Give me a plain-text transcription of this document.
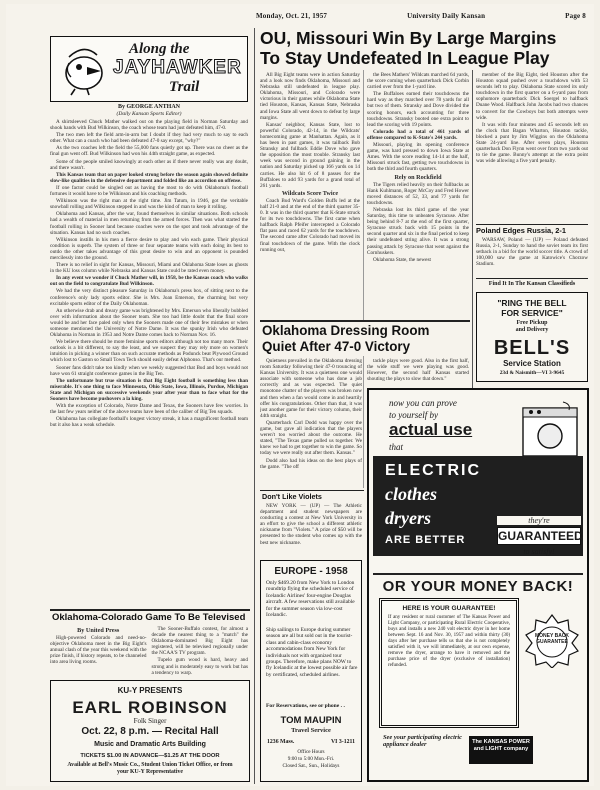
Monday, Oct. 21, 1957	University Daily Kansan	Page 8
Along the
JAYHAWKER
Trail
By GEORGE ANTHAN
(Daily Kansan Sports Editor)

A shirtsleeved Chuck Mather walked out on the playing field in Norman Saturday and shook hands with Bud Wilkinson, the coach whose team had just defeated him, 47-0.

The two men left the field arm-in-arm but I doubt if they had very much to say to each other. What can a coach who had been defeated 47-0 say except, "why?"

As the two coaches left the field the 55,000 fans quietly got up. There was no cheer as the final gun went off. Bud Wilkinson had won his 44th straight game, as expected.

Some of the people smiled knowingly at each other as if there never really was any doubt, and there wasn't.

This Kansas team that on paper looked strong before the season again showed definite slow-like qualities in the defensive department and folded like an accordion on offense.

If one factor could be singled out as having the most to do with Oklahoma's football fortunes it would have to be Wilkinson and his coaching methods.

Wilkinson was the right man at the right time. Jim Tatum, in 1946, got the veritable snowball rolling and Wilkinson stepped in and was the kind of man to keep it rolling.

Oklahoma and Kansas, after the war, found themselves in similar situations. Both schools had a wealth of material in men returning from the armed forces. Then was what started the football rolling in Sooner land because coaches were on the spot and took advantage of the situation. Kansas had no such coaches.

Wilkinson instills in his men a fierce desire to play and win each game. Their physical condition is superb. The system of three or four separate teams with each doing its best to outdo the other takes advantage of this great desire to win and an opponent is pounded mercilessly into the ground.

There is no relief in sight for Kansas, Missouri, Miami and Oklahoma State loses as ghosts in the KU loss column while Nebraska and Kansas State could be rated even money.

In any event we wonder if Chuck Mather will, in 1958, be the Kansas coach who walks out on the field to congratulate Bud Wilkinson.

We had the very distinct pleasure Saturday in Oklahoma's press box, of sitting next to the conference's only lady sports editor. She is Mrs. Joan Emerson, the charming but very excitable sports editor of the Daily Oklahoman.

An otherwise drab and dreary game was brightened by Mrs. Emerson who liberally bubbled over with information about the Sooner team. She too had little doubt that the final score would be and her face paled only when the Sooners made one of their few mistakes or when someone mentioned the University of Notre Dame. It was the spunky Irish who defeated Oklahoma in Norman in 1953 and Notre Dame comes back to Norman Nov. 16.

We believe there should be more feminine sports editors although not too many more. Their outlook is a bit different, to say the least, and we suspect they may rely more on women's intuition in picking a winner than on such accurate methods as Podunck beat Plywood Ground which lost to Gaston so Small Town Tech should easily defeat Alphonso. That's our method.

Sooner fans didn't take too kindly when we weekly suggested that Bud and boys would not have won 61 straight conference games in the Big Ten.

The unfortunate but true situation is that Big Eight football is something less than miserable. It's one thing to face Minnesota, Ohio State, Iowa, Illinois, Purdue, Michigan State and Michigan on successive weekends year after year than to face what for the Sooners have become pushovers a la king.

With the exception of Colorado, Notre Dame and Texas, the Sooners have few worries. In the last few years neither of the above teams have been of the caliber of Big Ten squads.

Oklahoma has collegiate football's longest victory streak, it has a magnificent football team but it also has a weak schedule.

Oklahoma-Colorado Game To Be Televised

By United Press

High-powered Colorado and need-no-objective Oklahoma meet in the Big Eight's annual clash of the year this weekend with the prize finish, if history repeats, to be channeled into area living rooms.

The Sooner-Buffalo contest, for almost a decade the nearest thing to a "match" the Oklahoma-dominated Big Eight has registered, will be televised regionally under the NCAA'S TV program.

Tupelo gum wood is hard, heavy and strong and is moderately easy to work but has a tendency to warp.

KU-Y PRESENTS
EARL ROBINSON
Folk Singer
Oct. 22, 8 p.m. — Recital Hall
Music and Dramatic Arts Building
TICKETS $1.00 IN ADVANCE—$1.25 AT THE DOOR
Available at Bell's Music Co., Student Union Ticket Office, or from your KU-Y Representative
OU, Missouri Win By Large Margins
To Stay Undefeated In League Play

All Big Eight teams were in action Saturday and a look now finds Oklahoma, Missouri and Nebraska still undefeated in league play. Oklahoma, Missouri, and Colorado were victorious in their games while Oklahoma State tied Houston, Kansas, Kansas State, Nebraska and Iowa State all went down to defeat by large margins.

Kansas' neighbor, Kansas State, lost to powerful Colorado, 42-14, in the Wildcats' homecoming game at Manhattan. Again, as it has been in past games, it was tailback Bob Stransky and fullback Eddie Dove who gave the opposition the most trouble. Stransky last week was second in ground gaining in the nation and Saturday picked up 166 yards on 14 carries. He also hit 6 of 8 passes for the Buffaloes to add 93 yards for a grand total of 261 yards.

Wildcats Score Twice

Coach Bud Ward's Golden Buffs led at the half 21-0 and at the end of the third quarter 35-0. It was in the third quarter that K-State struck for its two touchdowns. The first came when halfback Ralph Pfeifer intercepted a Colorado flat pass and raced 62 yards for the touchdown. The second came after Colorado had moved its final touchdown of the game. With the clock running out,

the Bees Mathers' Wildcats marched 64 yards, the score coming when quarterback Dick Corbin carried over from the 1-yard line.

The Buffaloes earned their touchdowns the hard way as they marched over 78 yards for all but two of them. Stransky and Dove divided the scoring honors, each accounting for three touchdowns. Stransky booted one extra point to lead the scoring with 19 points.

Colorado had a total of 461 yards of offense compared to K-State's 244 yards.

Missouri, playing its opening conference game, was hard pressed to down Iowa State at Ames. With the score reading 14-14 at the half, Missouri struck fast, getting two touchdowns in both the third and fourth quarters.

Rely on Rockfield

The Tigers relied heavily on their fullbacks as Hank Kuhlmann, Roger McCoy and Fred Hower moved distances of 52, 33, and 77 yards for touchdowns.

Nebraska lost its third game of the year Saturday, this time to unbeaten Syracuse. After being behind 8-7 at the end of the first quarter, Syracuse struck back with 15 points in the second quarter and six in the final period to keep their undefeated string alive. It was a strong passing attack by Syracuse that went against the Cornhuskers.

Oklahoma State, the newest

member of the Big Eight, tied Houston after the Houston squad pushed over a touchdown with 53 seconds left to play. Oklahoma State scored its only touchdown in the first quarter on a 6-yard pass from sophomore quarterback Dick Soergel to halfback Duane Wood. Halfback John Jacobs had two chances to convert for the Cowboys but both attempts were wide.

It was with four minutes and 45 seconds left on the clock that Bagan Wharton, Houston tackle, blocked a punt by Jim Wiggins on the Oklahoma State 24-yard line. After seven plays, Houston quarterback Don Flynn went over from two yards out to tie the game. Bunny's attempt at the extra point was wide allowing a five yard penalty.

Poland Edges Russia, 2-1

WARSAW, Poland — (UP) — Poland defeated Russia, 2-1, Sunday to hand the soviet team its first setback in a bid for the world soccer title. A crowd of 100,000 saw the game at Katowice's Chorzow Stadium.

Find It In The Kansan Classifieds
"RING THE BELL
FOR SERVICE"
Free Pickup
and Delivery
BELL'S
Service Station
23d & Naismith—VI 3-9645
Oklahoma Dressing Room
Quiet After 47-0 Victory

Quietness prevailed in the Oklahoma dressing room Saturday following their 47-0 trouncing of Kansas University. It was a quietness one would associate with someone who has done a job correctly and as was expected. The quiet monotone chatter of the players was broken now and then when a fan would come in and heartily offer his congratulations. Other than that, it was just another game for their victory column, their 44th straight.

Quarterback Carl Dodd was happy over the game, but gave all indication that the players weren't too worried about the outcome. He stated, "The Texas game pulled us together. We knew we had to get together to win the game. So today we were really out after them. Kansas."

Dodd also had his ideas on the best plays of the game. "The off

tackle plays were good. Also in the first half, the wide stuff we were playing was good. However, the second half Kansas started shouting the plays to slow that down."

Don't Like Violets

NEW YORK — (UP) — The Athletic department and student newspapers are conducting a contest at New York University in an effort to give the school a different athletic nickname from "Violets." A prize of $50 will be presented to the student who comes up with the best new nickname.

EUROPE - 1958
Only $469.20 from New York to London roundtrip flying the scheduled service of Icelandic Airlines' four-engine Douglas aircraft. A few reservations still available for the summer season via low-cost Icelandic.
Ship sailings to Europe during summer season are all but sold out in the tourist-class and cabin-class economy accommodations from New York for individuals not with organized tour groups. Therefore, make plans NOW to fly Icelandic at the lowest possible air fare by certificated, scheduled airlines.
For Reservations, see or phone . .
TOM MAUPIN
Travel Service
1236 Mass.	VI 3-1211
Office Hours
9:00 to 5:00 Mon.-Fri.
Closed Sat., Sun., Holidays
now you can prove
to yourself by
actual use
that
ELECTRIC
clothes
dryers
ARE BETTER
they're
GUARANTEED
to satisfy!
OR YOUR MONEY BACK!
HERE IS YOUR GUARANTEE!
If any resident or rural customer of The Kansas Power and Light Company, or participating Rural Electric Cooperative, buys and installs a new 240 volt electric dryer in her home between Sept. 16 and Nov. 30, 1957 and within thirty (30) days after her purchase tells us that she is not completely satisfied with it, we will immediately, at our own expense, remove the dryer, arrange to have it removed and the purchase price of the dryer (exclusive of installation) refunded.
MONEY BACK GUARANTEE
See your participating electric appliance dealer	The KANSAS POWER and LIGHT company
